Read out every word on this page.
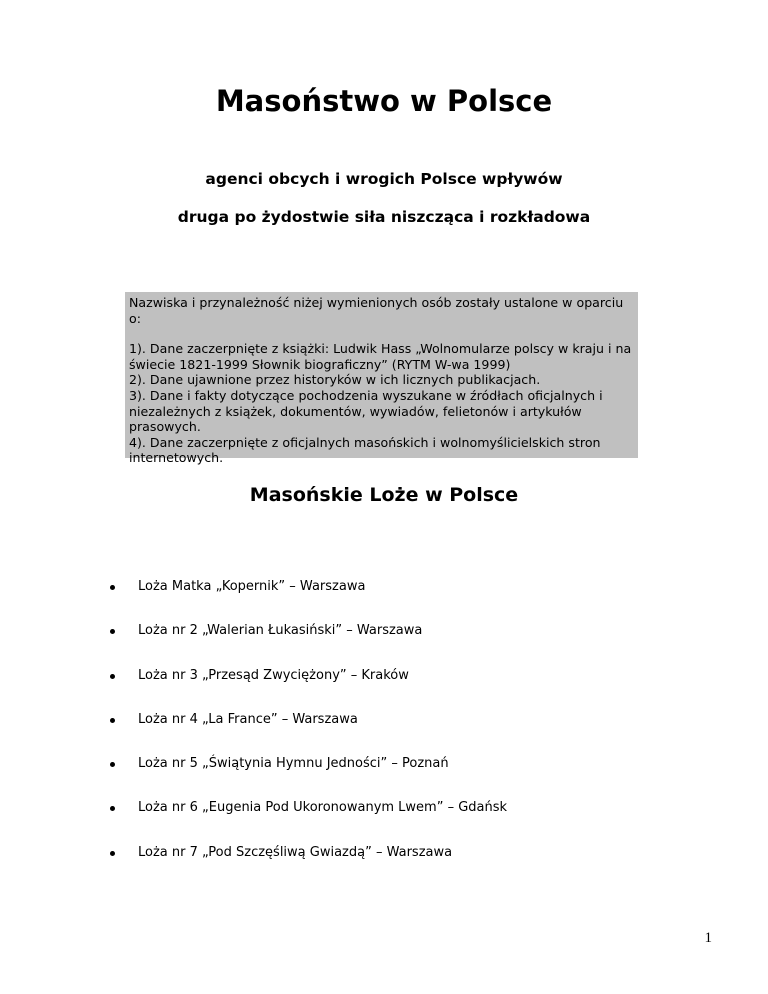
Masoństwo w Polsce

agenci obcych i wrogich Polsce wpływów

druga po żydostwie siła niszcząca i rozkładowa

Nazwiska i przynależność niżej wymienionych osób zostały ustalone w oparciu o:

1). Dane zaczerpnięte z książki: Ludwik Hass „Wolnomularze polscy w kraju i na świecie 1821-1999 Słownik biograficzny” (RYTM W-wa 1999)

2). Dane ujawnione przez historyków w ich licznych publikacjach.

3). Dane i fakty dotyczące pochodzenia wyszukane w źródłach oficjalnych i niezależnych z książek, dokumentów, wywiadów, felietonów i artykułów prasowych.

4). Dane zaczerpnięte z oficjalnych masońskich i wolnomyślicielskich stron internetowych.

Masońskie Loże w Polsce
Loża Matka „Kopernik” – Warszawa
Loża nr 2 „Walerian Łukasiński” – Warszawa
Loża nr 3 „Przesąd Zwyciężony” – Kraków
Loża nr 4 „La France” – Warszawa
Loża nr 5 „Świątynia Hymnu Jedności” – Poznań
Loża nr 6 „Eugenia Pod Ukoronowanym Lwem” – Gdańsk
Loża nr 7 „Pod Szczęśliwą Gwiazdą” – Warszawa
1
